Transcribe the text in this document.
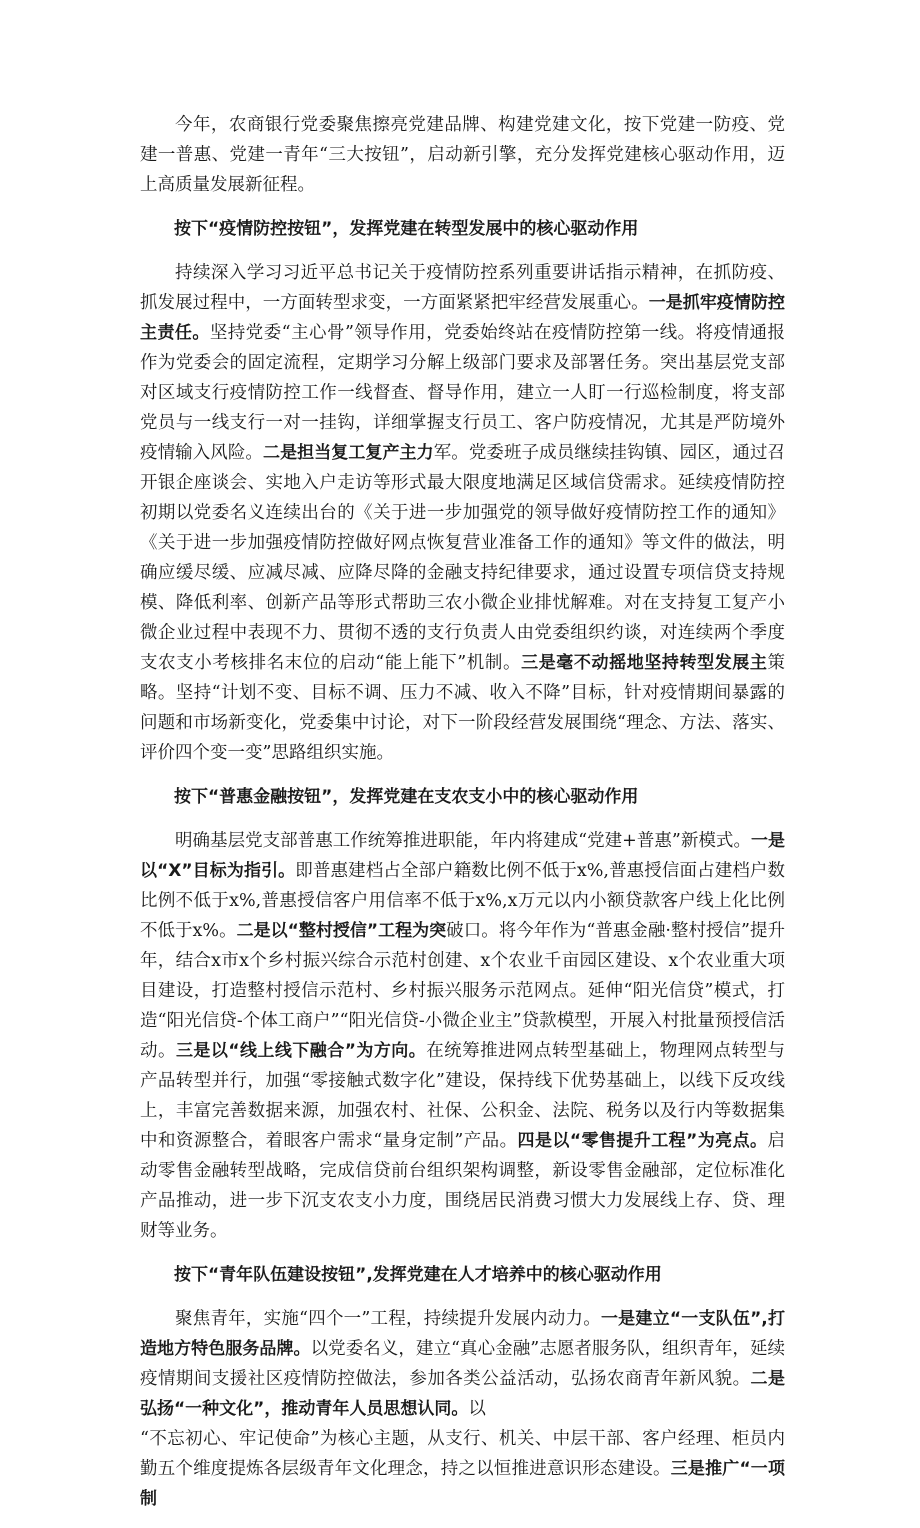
今年，农商银行党委聚焦擦亮党建品牌、构建党建文化，按下党建一防疫、党建一普惠、党建一青年“三大按钮”，启动新引擎，充分发挥党建核心驱动作用，迈上高质量发展新征程。

按下“疫情防控按钮”，发挥党建在转型发展中的核心驱动作用

持续深入学习习近平总书记关于疫情防控系列重要讲话指示精神，在抓防疫、抓发展过程中，一方面转型求变，一方面紧紧把牢经营发展重心。一是抓牢疫情防控主责任。坚持党委“主心骨”领导作用，党委始终站在疫情防控第一线。将疫情通报作为党委会的固定流程，定期学习分解上级部门要求及部署任务。突出基层党支部对区域支行疫情防控工作一线督查、督导作用，建立一人盯一行巡检制度，将支部党员与一线支行一对一挂钩，详细掌握支行员工、客户防疫情况，尤其是严防境外疫情输入风险。二是担当复工复产主力军。党委班子成员继续挂钩镇、园区，通过召开银企座谈会、实地入户走访等形式最大限度地满足区域信贷需求。延续疫情防控初期以党委名义连续出台的《关于进一步加强党的领导做好疫情防控工作的通知》《关于进一步加强疫情防控做好网点恢复营业准备工作的通知》等文件的做法，明确应缓尽缓、应减尽减、应降尽降的金融支持纪律要求，通过设置专项信贷支持规模、降低利率、创新产品等形式帮助三农小微企业排忧解难。对在支持复工复产小微企业过程中表现不力、贯彻不透的支行负责人由党委组织约谈，对连续两个季度支农支小考核排名末位的启动“能上能下”机制。三是毫不动摇地坚持转型发展主策略。坚持“计划不变、目标不调、压力不减、收入不降”目标，针对疫情期间暴露的问题和市场新变化，党委集中讨论，对下一阶段经营发展围绕“理念、方法、落实、评价四个变一变”思路组织实施。

按下“普惠金融按钮”，发挥党建在支农支小中的核心驱动作用

明确基层党支部普惠工作统筹推进职能，年内将建成“党建+普惠”新模式。一是以“X”目标为指引。即普惠建档占全部户籍数比例不低于x%,普惠授信面占建档户数比例不低于x%,普惠授信客户用信率不低于x%,x万元以内小额贷款客户线上化比例不低于x%。二是以“整村授信”工程为突破口。将今年作为“普惠金融·整村授信”提升年，结合x市x个乡村振兴综合示范村创建、x个农业千亩园区建设、x个农业重大项目建设，打造整村授信示范村、乡村振兴服务示范网点。延伸“阳光信贷”模式，打造“阳光信贷-个体工商户”“阳光信贷-小微企业主”贷款模型，开展入村批量预授信活动。三是以“线上线下融合”为方向。在统筹推进网点转型基础上，物理网点转型与产品转型并行，加强“零接触式数字化”建设，保持线下优势基础上，以线下反攻线上，丰富完善数据来源，加强农村、社保、公积金、法院、税务以及行内等数据集中和资源整合，着眼客户需求“量身定制”产品。四是以“零售提升工程”为亮点。启动零售金融转型战略，完成信贷前台组织架构调整，新设零售金融部，定位标准化产品推动，进一步下沉支农支小力度，围绕居民消费习惯大力发展线上存、贷、理财等业务。

按下“青年队伍建设按钮”,发挥党建在人才培养中的核心驱动作用

聚焦青年，实施“四个一”工程，持续提升发展内动力。一是建立“一支队伍”,打造地方特色服务品牌。以党委名义，建立“真心金融”志愿者服务队，组织青年，延续疫情期间支援社区疫情防控做法，参加各类公益活动，弘扬农商青年新风貌。二是弘扬“一种文化”，推动青年人员思想认同。以

“不忘初心、牢记使命”为核心主题，从支行、机关、中层干部、客户经理、柜员内勤五个维度提炼各层级青年文化理念，持之以恒推进意识形态建设。三是推广“一项制
